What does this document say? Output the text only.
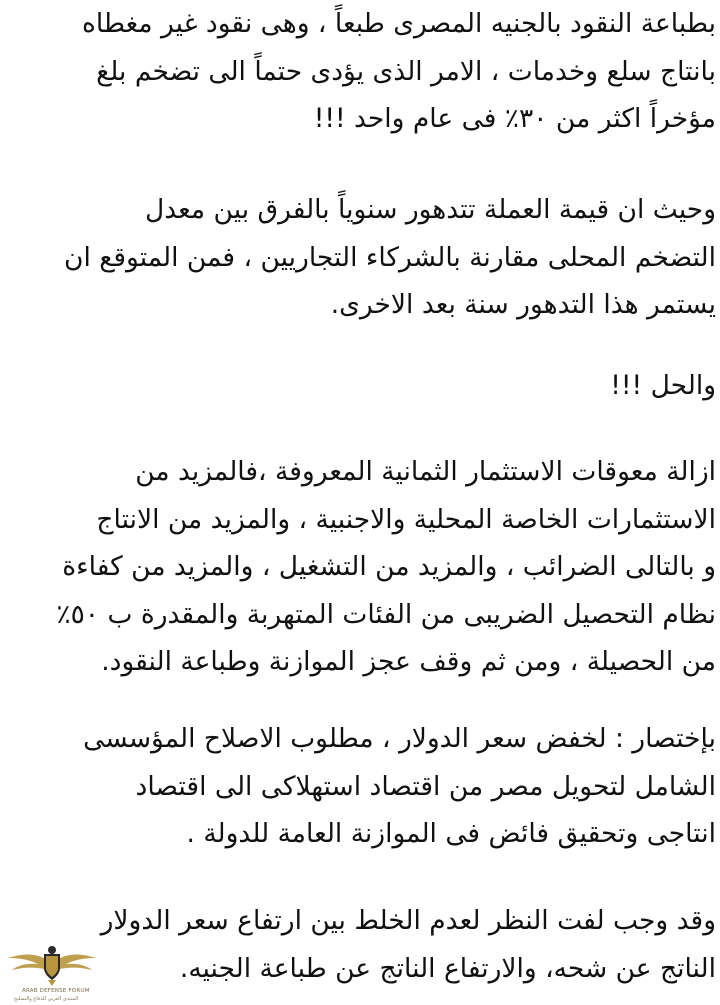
بطباعة النقود بالجنيه المصرى طبعاً ، وهى نقود غير مغطاه
بانتاج سلع وخدمات ، الامر الذى يؤدى حتماً الى تضخم بلغ
مؤخراً اكثر من ٣٠٪ فى عام واحد !!!
وحيث ان قيمة العملة تتدهور سنوياً بالفرق بين معدل
التضخم المحلى مقارنة بالشركاء التجاريين ، فمن المتوقع ان
يستمر هذا التدهور سنة بعد الاخرى.
والحل !!!
ازالة معوقات الاستثمار الثمانية المعروفة ،فالمزيد من
الاستثمارات الخاصة المحلية والاجنبية ، والمزيد من الانتاج
و بالتالى الضرائب ، والمزيد من التشغيل ، والمزيد من كفاءة
نظام التحصيل الضريبى من الفئات المتهربة والمقدرة ب ٥٠٪
من الحصيلة ، ومن ثم وقف عجز الموازنة وطباعة النقود.
بإختصار : لخفض سعر الدولار ، مطلوب الاصلاح المؤسسى
الشامل لتحويل مصر من اقتصاد استهلاكى الى اقتصاد
انتاجى وتحقيق فائض فى الموازنة العامة للدولة .
وقد وجب لفت النظر لعدم الخلط بين ارتفاع سعر الدولار
الناتج عن شحه، والارتفاع الناتج عن طباعة الجنيه.
ARAB DEFENSE FORUM
المنتدى العربي للدفاع والتسليح
